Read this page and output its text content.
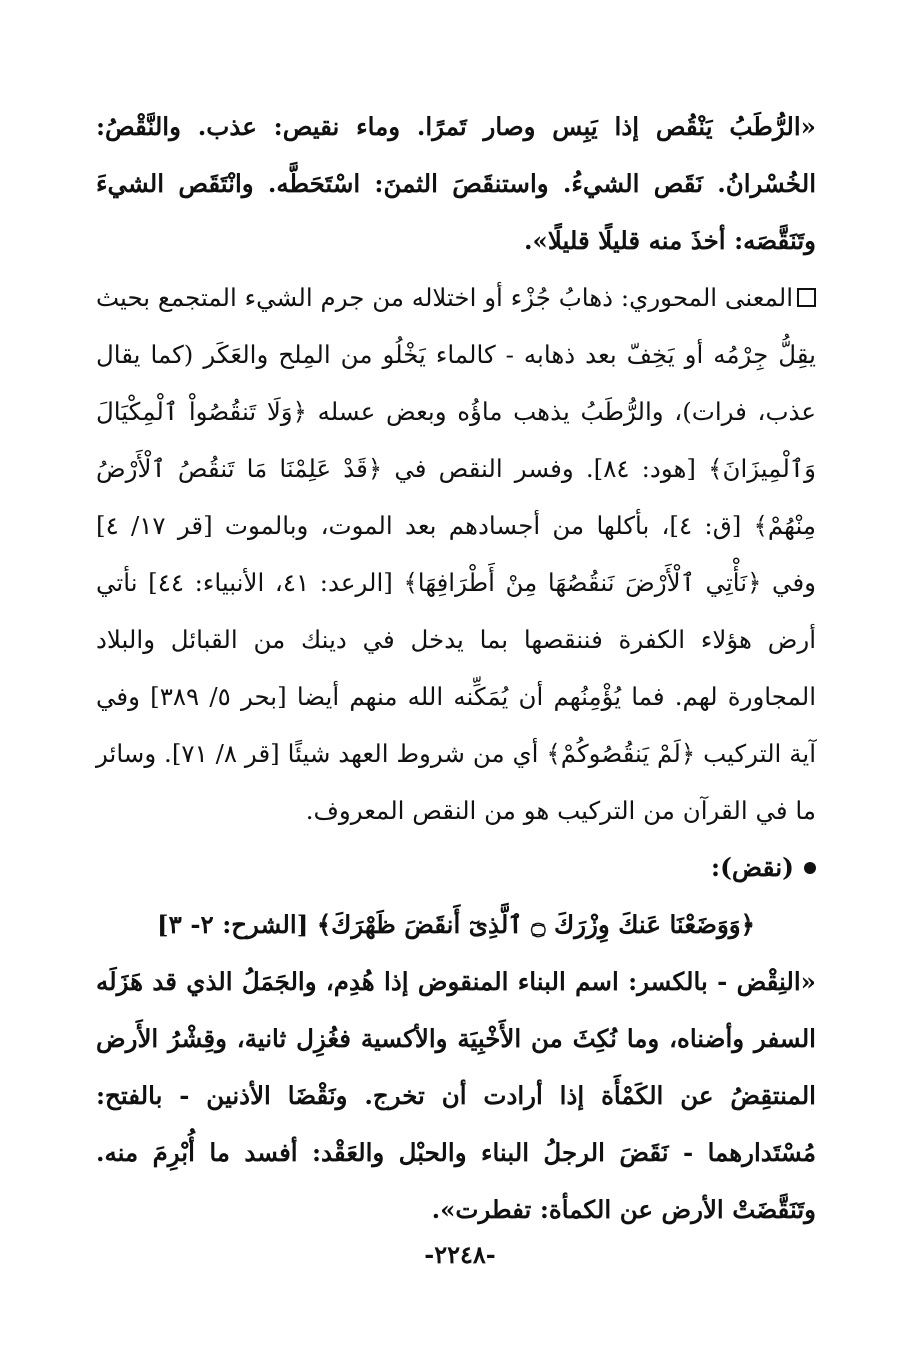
«الرُّطَبُ يَنْقُص إذا يَبِس وصار تَمرًا. وماء نقيص: عذب. والنَّقْصُ: الخُسْرانُ. نَقَص الشيءُ. واستنقَصَ الثمنَ: اسْتَحَطَّه. وانْتَقَص الشيءَ وتَنَقَّصَه: أخذَ منه قليلًا قليلًا».

المعنى المحوري: ذهابُ جُزْء أو اختلاله من جرم الشيء المتجمع بحيث يقِلُّ جِرْمُه أو يَخِفّ بعد ذهابه - كالماء يَخْلُو من المِلح والعَكَر (كما يقال عذب، فرات)، والرُّطَبُ يذهب ماؤُه وبعض عسله ﴿وَلَا تَنقُصُواْ ٱلْمِكْيَالَ وَٱلْمِيزَانَ﴾ [هود: ٨٤]. وفسر النقص في ﴿قَدْ عَلِمْنَا مَا تَنقُصُ ٱلْأَرْضُ مِنْهُمْ﴾ [ق: ٤]، بأكلها من أجسادهم بعد الموت، وبالموت [قر ١٧/ ٤] وفي ﴿نَأْتِي ٱلْأَرْضَ نَنقُصُهَا مِنْ أَطْرَافِهَا﴾ [الرعد: ٤١، الأنبياء: ٤٤] نأتي أرض هؤلاء الكفرة فننقصها بما يدخل في دينك من القبائل والبلاد المجاورة لهم. فما يُؤْمِنُهم أن يُمَكِّنه الله منهم أيضا [بحر ٥/ ٣٨٩] وفي آية التركيب ﴿لَمْ يَنقُصُوكُمْ﴾ أي من شروط العهد شيئًا [قر ٨/ ٧١]. وسائر ما في القرآن من التركيب هو من النقص المعروف.

(نقض):

﴿وَوَضَعْنَا عَنكَ وِزْرَكَ ۝ ٱلَّذِىٓ أَنقَضَ ظَهْرَكَ﴾ [الشرح: ٢- ٣]

«النِقْض - بالكسر: اسم البناء المنقوض إذا هُدِم، والجَمَلُ الذي قد هَزَلَه السفر وأضناه، وما نُكِثَ من الأَخْبِيَة والأكسية فغُزِل ثانية، وقِشْرُ الأَرض المنتقِضُ عن الكَمْأَة إذا أرادت أن تخرج. ونَقْضَا الأذنين - بالفتح: مُسْتَدارهما - نَقَضَ الرجلُ البناء والحبْل والعَقْد: أفسد ما أُبْرِمَ منه. وتَنَقَّضَتْ الأرض عن الكمأة: تفطرت».

-٢٢٤٨-
